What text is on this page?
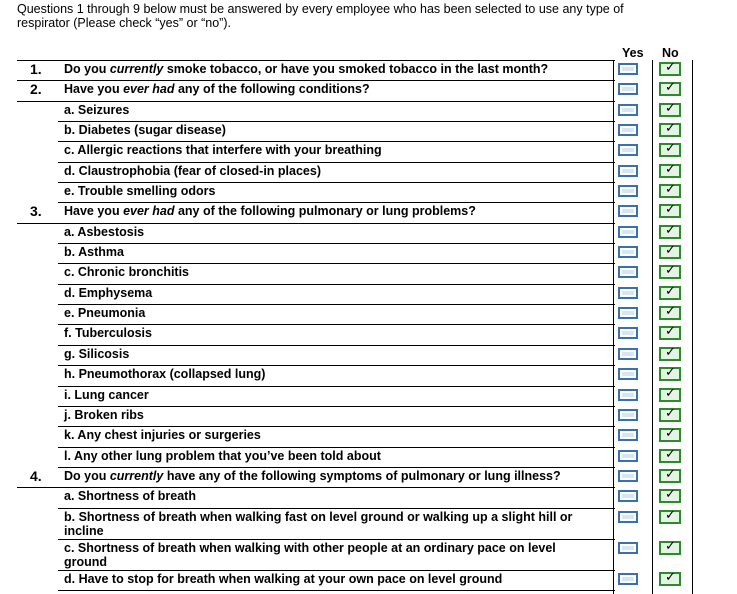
Questions 1 through 9 below must be answered by every employee who has been selected to use any type of respirator (Please check “yes” or “no”).
Yes No
1. Do you currently smoke tobacco, or have you smoked tobacco in the last month?
✓
2. Have you ever had any of the following conditions?
✓
a. Seizures
✓
b. Diabetes (sugar disease)
✓
c. Allergic reactions that interfere with your breathing
✓
d. Claustrophobia (fear of closed-in places)
✓
e. Trouble smelling odors
✓
3. Have you ever had any of the following pulmonary or lung problems?
✓
a. Asbestosis
✓
b. Asthma
✓
c. Chronic bronchitis
✓
d. Emphysema
✓
e. Pneumonia
✓
f. Tuberculosis
✓
g. Silicosis
✓
h. Pneumothorax (collapsed lung)
✓
i. Lung cancer
✓
j. Broken ribs
✓
k. Any chest injuries or surgeries
✓
l. Any other lung problem that you’ve been told about
✓
4. Do you currently have any of the following symptoms of pulmonary or lung illness?
✓
a. Shortness of breath
✓
b. Shortness of breath when walking fast on level ground or walking up a slight hill or incline
✓
c. Shortness of breath when walking with other people at an ordinary pace on level ground
✓
d. Have to stop for breath when walking at your own pace on level ground
✓
